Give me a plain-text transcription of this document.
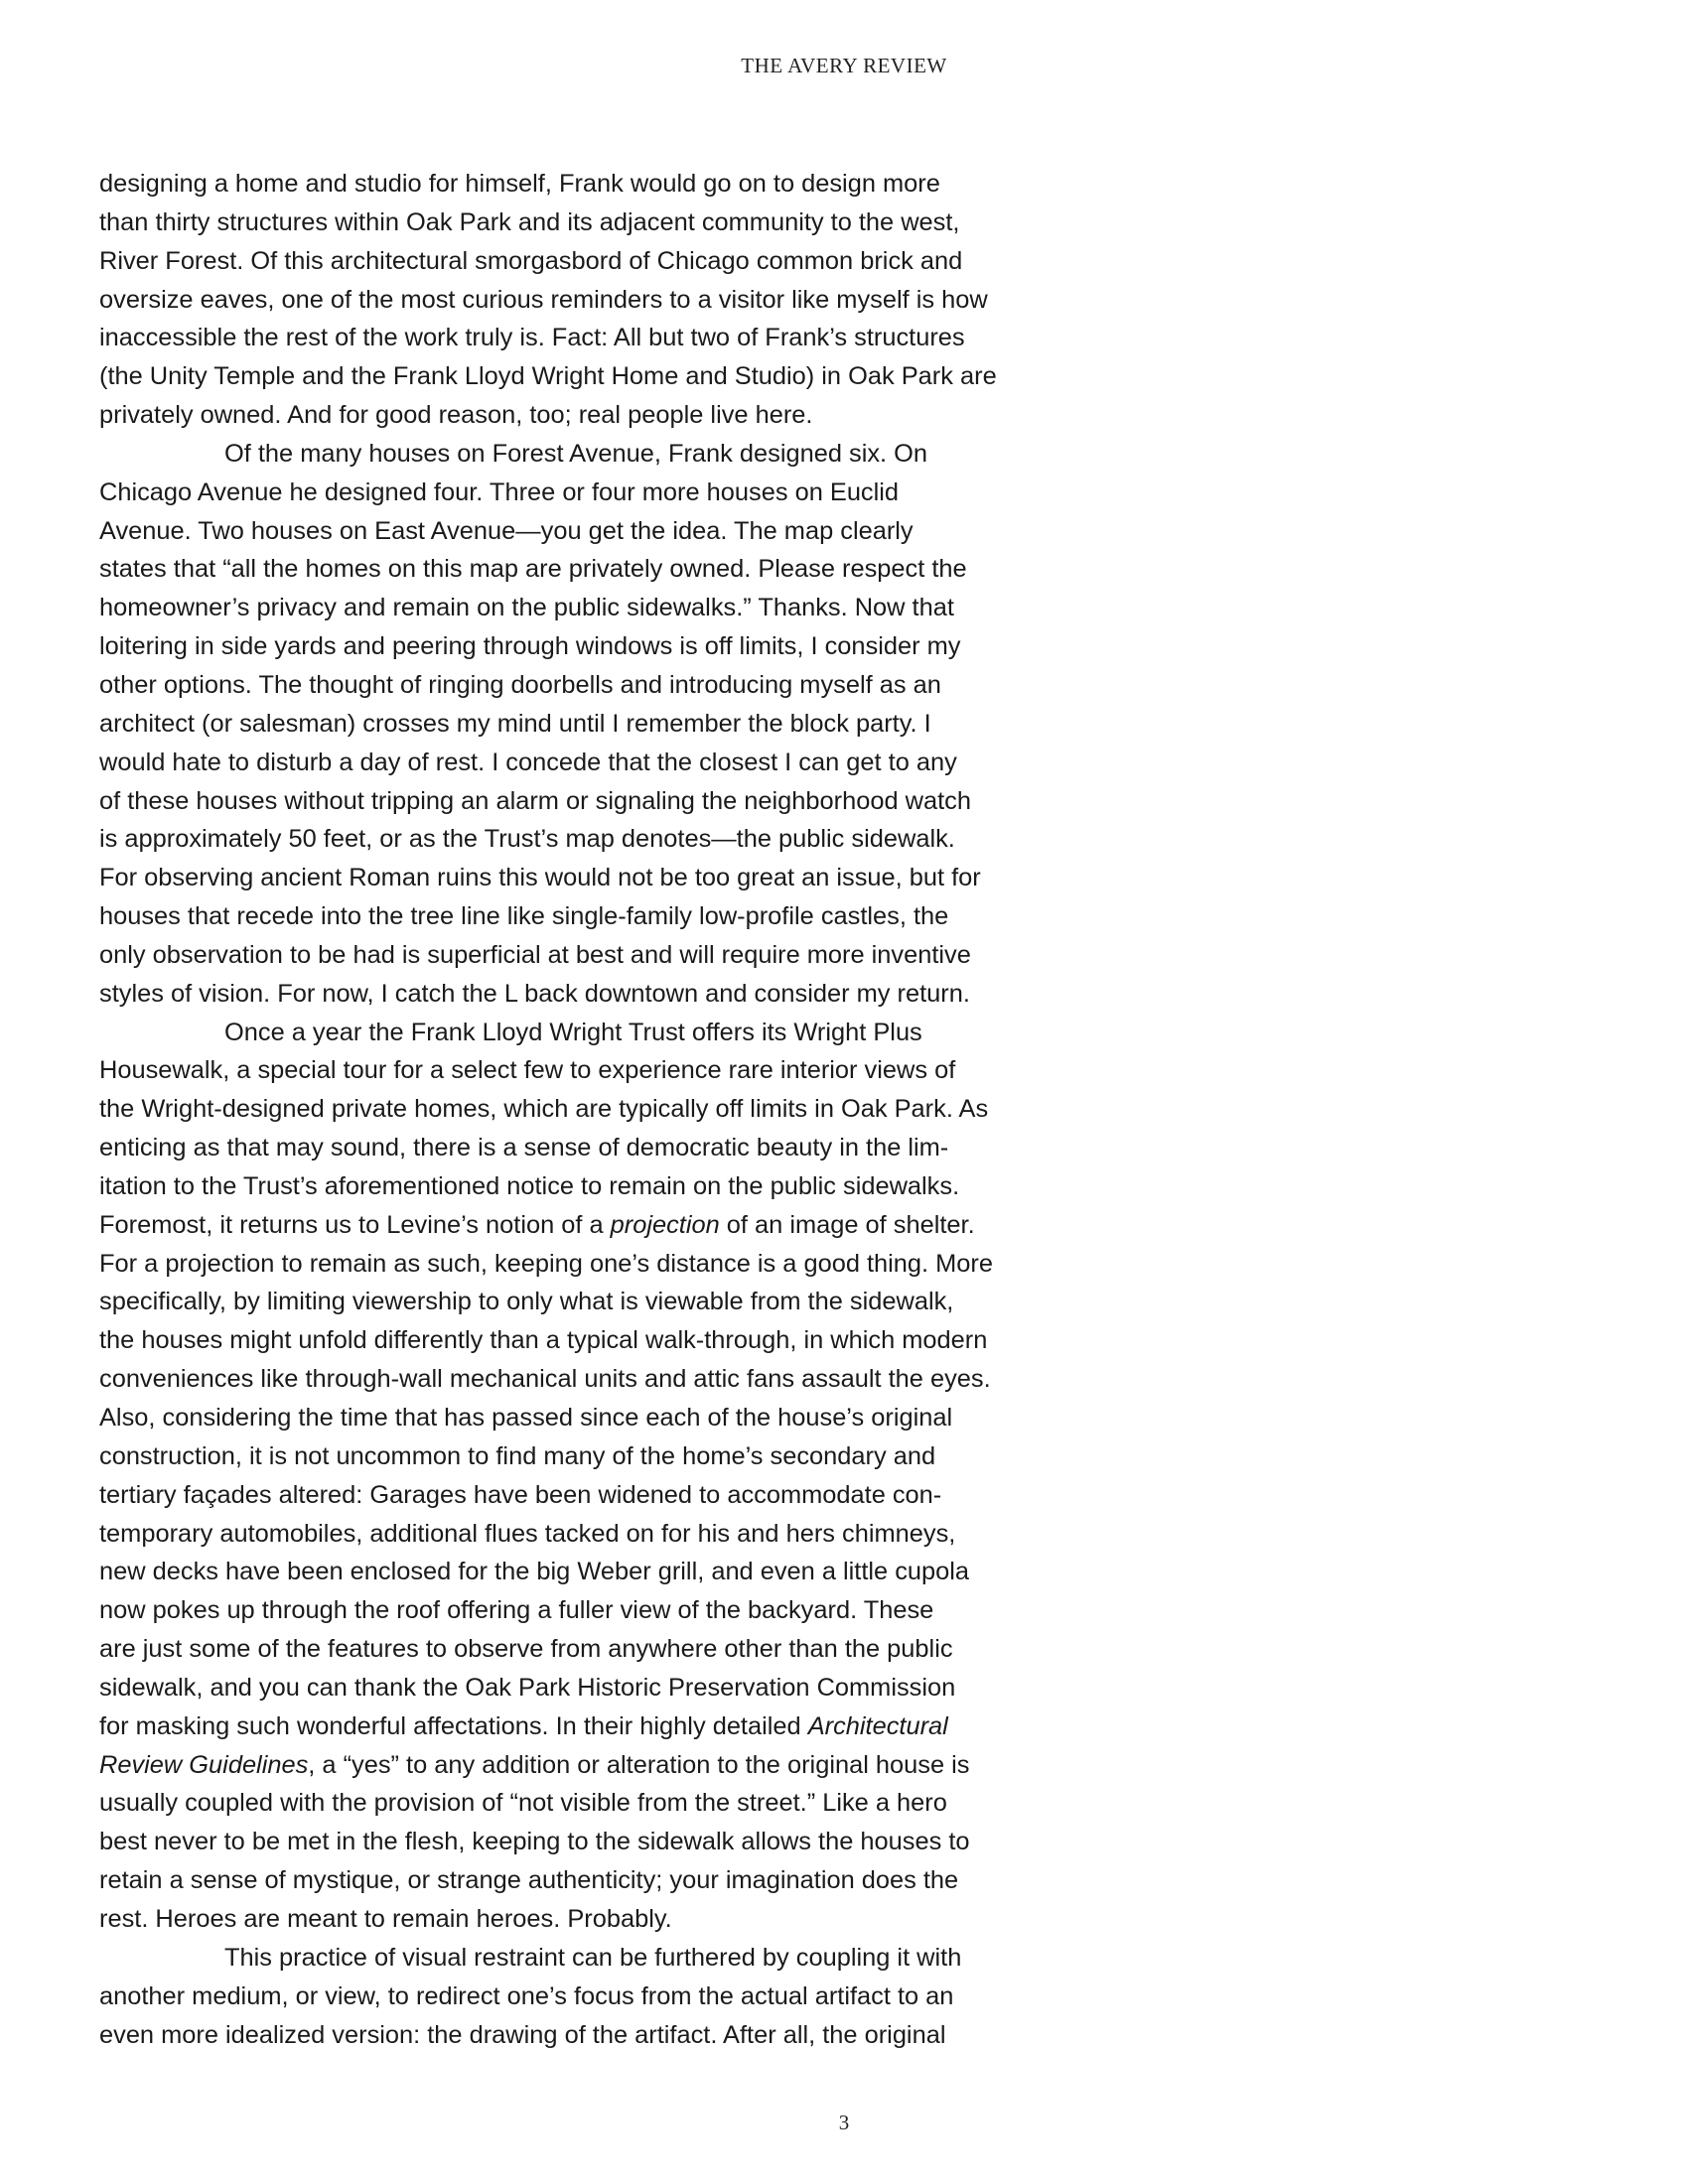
THE AVERY REVIEW
designing a home and studio for himself, Frank would go on to design more
than thirty structures within Oak Park and its adjacent community to the west,
River Forest. Of this architectural smorgasbord of Chicago common brick and
oversize eaves, one of the most curious reminders to a visitor like myself is how
inaccessible the rest of the work truly is. Fact: All but two of Frank’s structures
(the Unity Temple and the Frank Lloyd Wright Home and Studio) in Oak Park are
privately owned. And for good reason, too; real people live here.
Of the many houses on Forest Avenue, Frank designed six. On
Chicago Avenue he designed four. Three or four more houses on Euclid
Avenue. Two houses on East Avenue—you get the idea. The map clearly
states that “all the homes on this map are privately owned. Please respect the
homeowner’s privacy and remain on the public sidewalks.” Thanks. Now that
loitering in side yards and peering through windows is off limits, I consider my
other options. The thought of ringing doorbells and introducing myself as an
architect (or salesman) crosses my mind until I remember the block party. I
would hate to disturb a day of rest. I concede that the closest I can get to any
of these houses without tripping an alarm or signaling the neighborhood watch
is approximately 50 feet, or as the Trust’s map denotes—the public sidewalk.
For observing ancient Roman ruins this would not be too great an issue, but for
houses that recede into the tree line like single-family low-profile castles, the
only observation to be had is superficial at best and will require more inventive
styles of vision. For now, I catch the L back downtown and consider my return.
Once a year the Frank Lloyd Wright Trust offers its Wright Plus
Housewalk, a special tour for a select few to experience rare interior views of
the Wright-designed private homes, which are typically off limits in Oak Park. As
enticing as that may sound, there is a sense of democratic beauty in the lim-
itation to the Trust’s aforementioned notice to remain on the public sidewalks.
Foremost, it returns us to Levine’s notion of a projection of an image of shelter.
For a projection to remain as such, keeping one’s distance is a good thing. More
specifically, by limiting viewership to only what is viewable from the sidewalk,
the houses might unfold differently than a typical walk-through, in which modern
conveniences like through-wall mechanical units and attic fans assault the eyes.
Also, considering the time that has passed since each of the house’s original
construction, it is not uncommon to find many of the home’s secondary and
tertiary façades altered: Garages have been widened to accommodate con-
temporary automobiles, additional flues tacked on for his and hers chimneys,
new decks have been enclosed for the big Weber grill, and even a little cupola
now pokes up through the roof offering a fuller view of the backyard. These
are just some of the features to observe from anywhere other than the public
sidewalk, and you can thank the Oak Park Historic Preservation Commission
for masking such wonderful affectations. In their highly detailed Architectural
Review Guidelines, a “yes” to any addition or alteration to the original house is
usually coupled with the provision of “not visible from the street.” Like a hero
best never to be met in the flesh, keeping to the sidewalk allows the houses to
retain a sense of mystique, or strange authenticity; your imagination does the
rest. Heroes are meant to remain heroes. Probably.
This practice of visual restraint can be furthered by coupling it with
another medium, or view, to redirect one’s focus from the actual artifact to an
even more idealized version: the drawing of the artifact. After all, the original
3
